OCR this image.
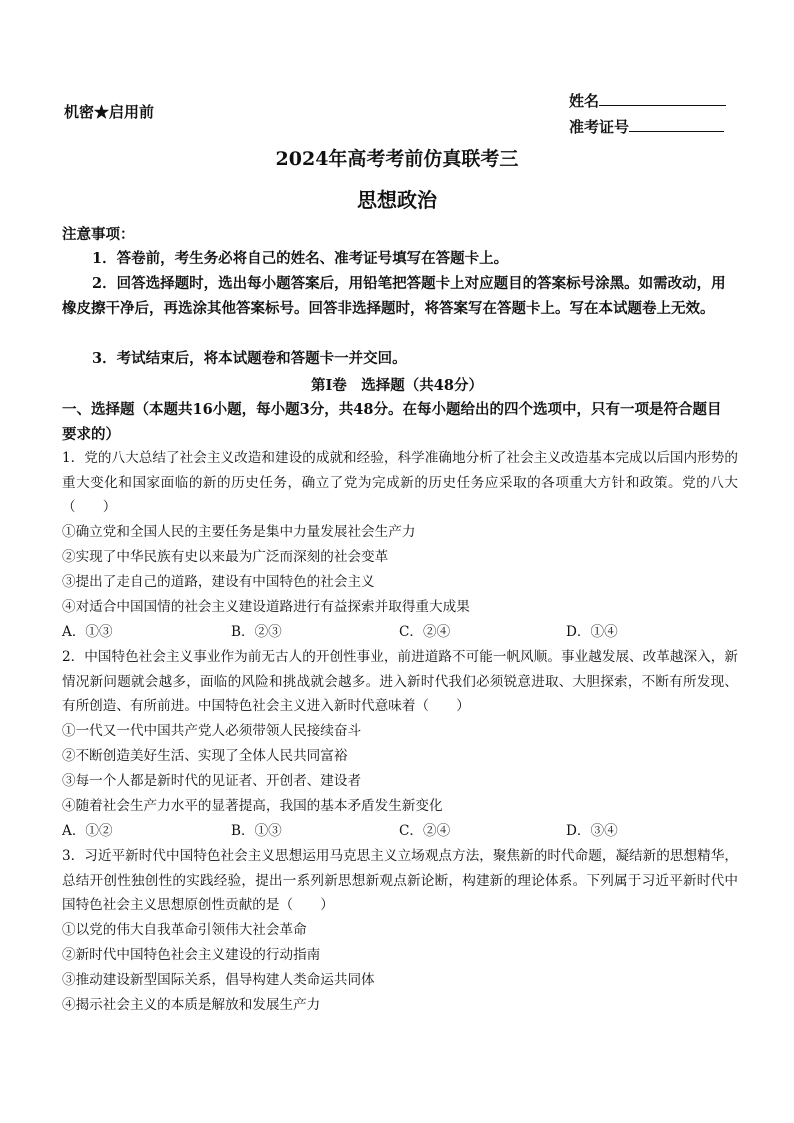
机密★启用前
姓名
准考证号
2024年高考考前仿真联考三
思想政治
注意事项：
1．答卷前，考生务必将自己的姓名、准考证号填写在答题卡上。
2．回答选择题时，选出每小题答案后，用铅笔把答题卡上对应题目的答案标号涂黑。如需改动，用橡皮擦干净后，再选涂其他答案标号。回答非选择题时，将答案写在答题卡上。写在本试题卷上无效。
3．考试结束后，将本试题卷和答题卡一并交回。
第Ⅰ卷　选择题（共48分）
一、选择题（本题共16小题，每小题3分，共48分。在每小题给出的四个选项中，只有一项是符合题目要求的）
1．党的八大总结了社会主义改造和建设的成就和经验，科学准确地分析了社会主义改造基本完成以后国内形势的重大变化和国家面临的新的历史任务，确立了党为完成新的历史任务应采取的各项重大方针和政策。党的八大（　　）
①确立党和全国人民的主要任务是集中力量发展社会生产力
②实现了中华民族有史以来最为广泛而深刻的社会变革
③提出了走自己的道路，建设有中国特色的社会主义
④对适合中国国情的社会主义建设道路进行有益探索并取得重大成果
A．①③	B．②③	C．②④	D．①④
2．中国特色社会主义事业作为前无古人的开创性事业，前进道路不可能一帆风顺。事业越发展、改革越深入，新情况新问题就会越多，面临的风险和挑战就会越多。进入新时代我们必须锐意进取、大胆探索，不断有所发现、有所创造、有所前进。中国特色社会主义进入新时代意味着（　　）
①一代又一代中国共产党人必须带领人民接续奋斗
②不断创造美好生活、实现了全体人民共同富裕
③每一个人都是新时代的见证者、开创者、建设者
④随着社会生产力水平的显著提高，我国的基本矛盾发生新变化
A．①②	B．①③	C．②④	D．③④
3．习近平新时代中国特色社会主义思想运用马克思主义立场观点方法，聚焦新的时代命题，凝结新的思想精华，总结开创性独创性的实践经验，提出一系列新思想新观点新论断，构建新的理论体系。下列属于习近平新时代中国特色社会主义思想原创性贡献的是（　　）
①以党的伟大自我革命引领伟大社会革命
②新时代中国特色社会主义建设的行动指南
③推动建设新型国际关系，倡导构建人类命运共同体
④揭示社会主义的本质是解放和发展生产力
